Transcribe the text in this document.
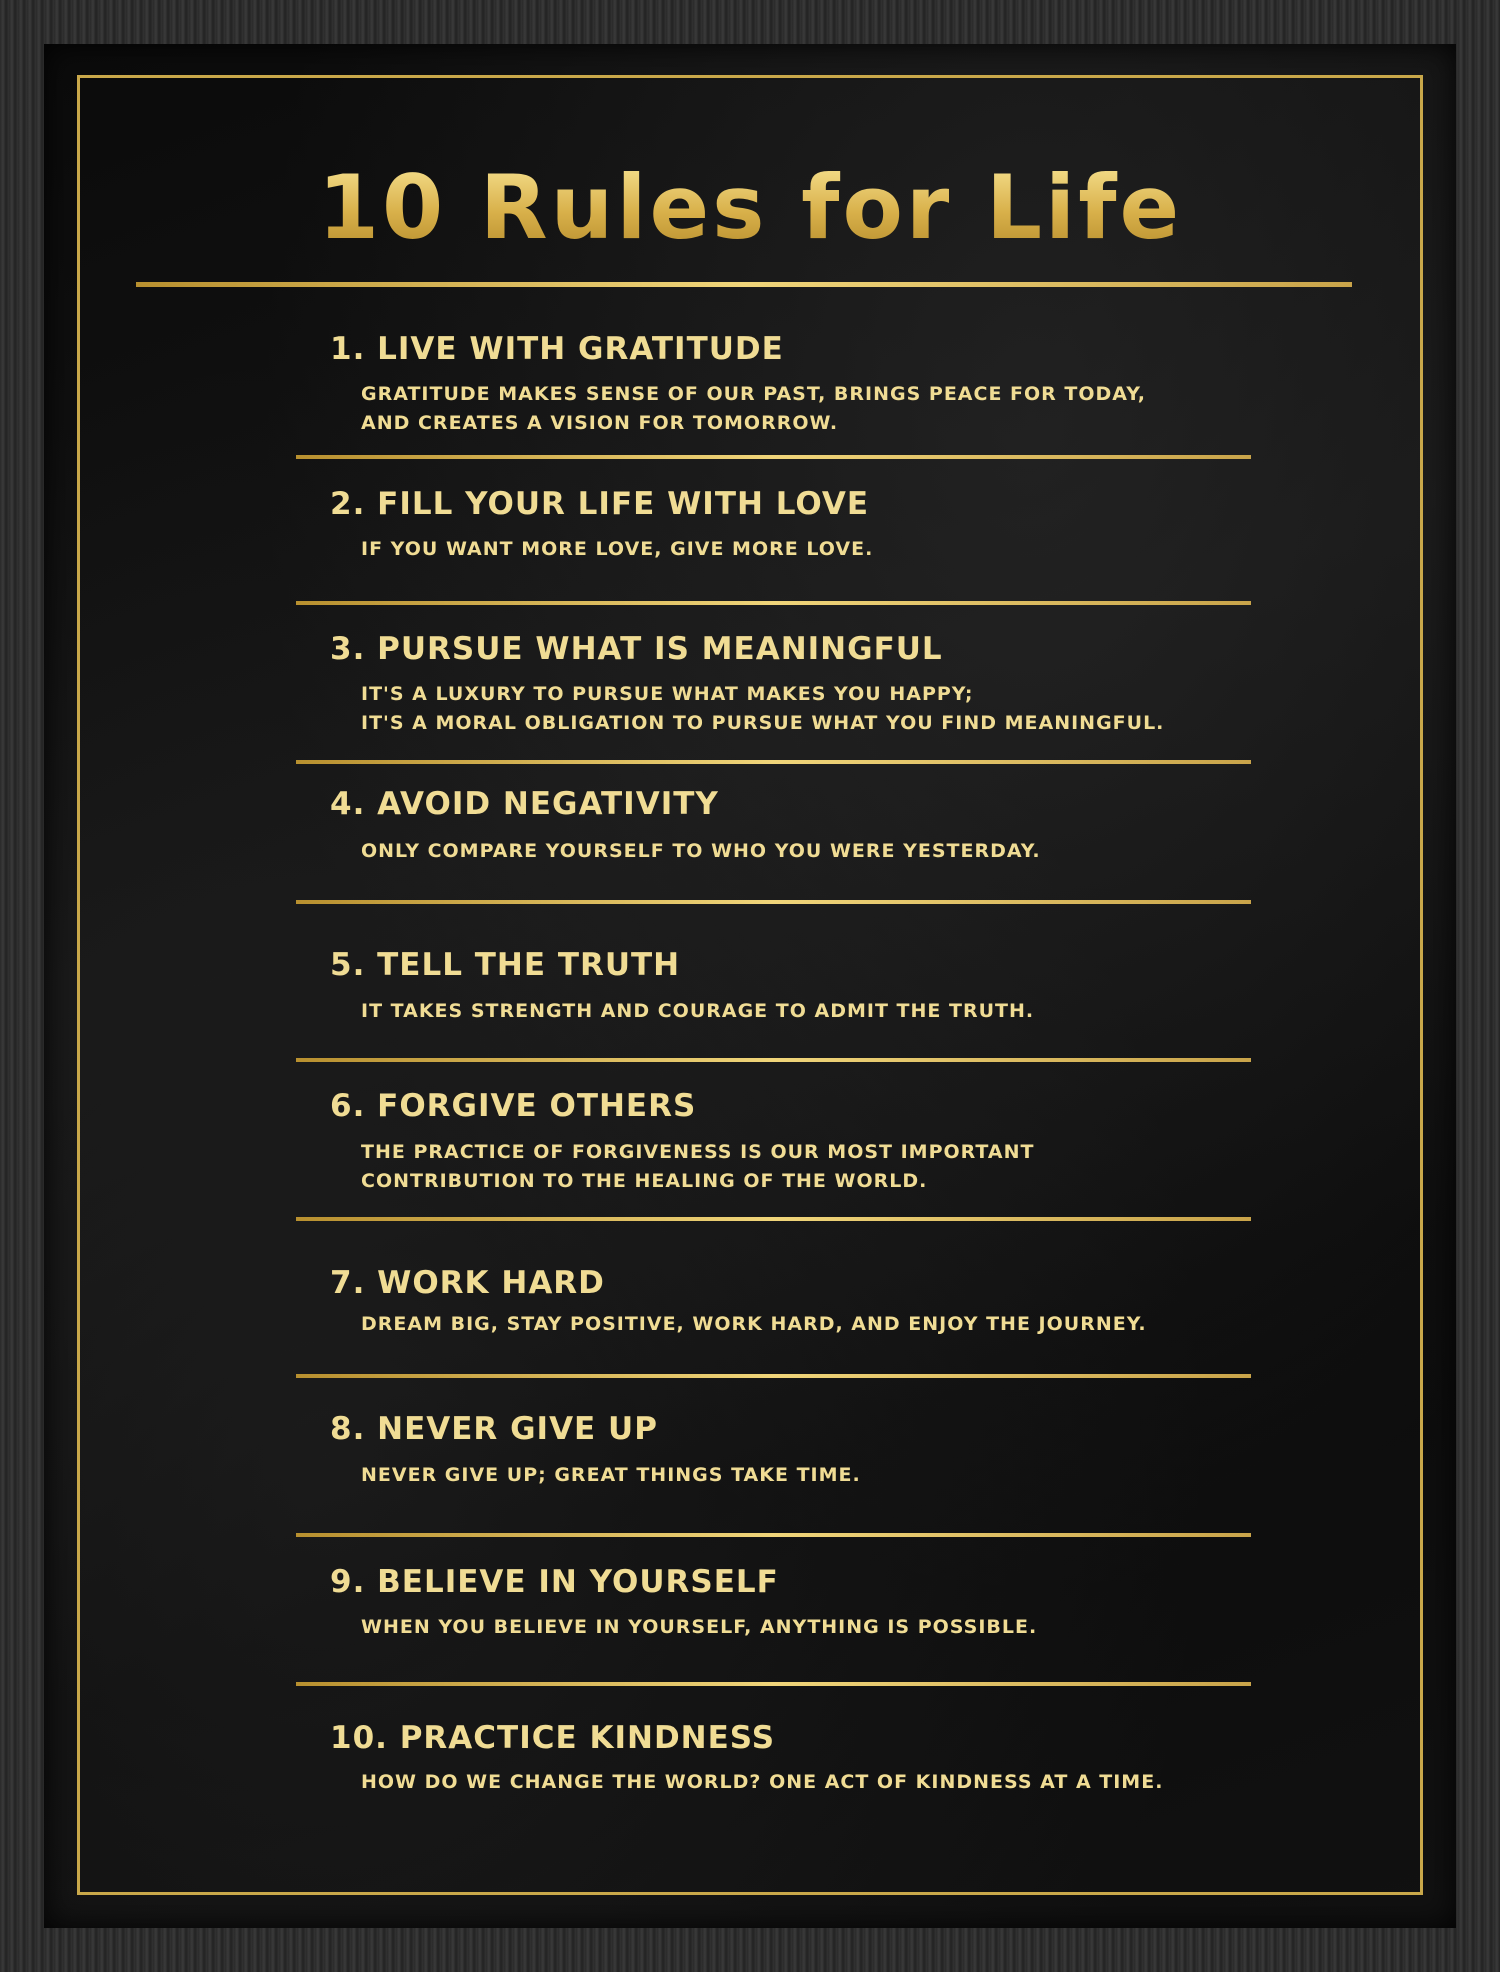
10 Rules for Life
1. LIVE WITH GRATITUDE
GRATITUDE MAKES SENSE OF OUR PAST, BRINGS PEACE FOR TODAY,
AND CREATES A VISION FOR TOMORROW.
2. FILL YOUR LIFE WITH LOVE
IF YOU WANT MORE LOVE, GIVE MORE LOVE.
3. PURSUE WHAT IS MEANINGFUL
IT'S A LUXURY TO PURSUE WHAT MAKES YOU HAPPY;
IT'S A MORAL OBLIGATION TO PURSUE WHAT YOU FIND MEANINGFUL.
4. AVOID NEGATIVITY
ONLY COMPARE YOURSELF TO WHO YOU WERE YESTERDAY.
5. TELL THE TRUTH
IT TAKES STRENGTH AND COURAGE TO ADMIT THE TRUTH.
6. FORGIVE OTHERS
THE PRACTICE OF FORGIVENESS IS OUR MOST IMPORTANT
CONTRIBUTION TO THE HEALING OF THE WORLD.
7. WORK HARD
DREAM BIG, STAY POSITIVE, WORK HARD, AND ENJOY THE JOURNEY.
8. NEVER GIVE UP
NEVER GIVE UP; GREAT THINGS TAKE TIME.
9. BELIEVE IN YOURSELF
WHEN YOU BELIEVE IN YOURSELF, ANYTHING IS POSSIBLE.
10. PRACTICE KINDNESS
HOW DO WE CHANGE THE WORLD? ONE ACT OF KINDNESS AT A TIME.
